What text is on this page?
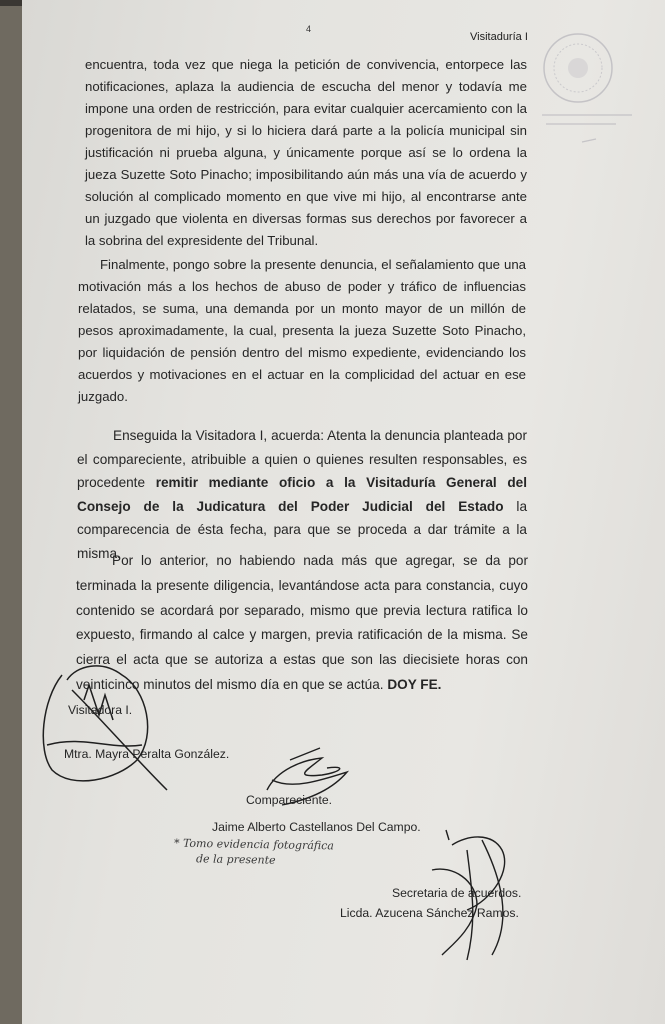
4
Visitaduría I

encuentra, toda vez que niega la petición de convivencia, entorpece las notificaciones, aplaza la audiencia de escucha del menor y todavía me impone una orden de restricción, para evitar cualquier acercamiento con la progenitora de mi hijo, y si lo hiciera dará parte a la policía municipal sin justificación ni prueba alguna, y únicamente porque así se lo ordena la jueza Suzette Soto Pinacho; imposibilitando aún más una vía de acuerdo y solución al complicado momento en que vive mi hijo, al encontrarse ante un juzgado que violenta en diversas formas sus derechos por favorecer a la sobrina del expresidente del Tribunal.

Finalmente, pongo sobre la presente denuncia, el señalamiento que una motivación más a los hechos de abuso de poder y tráfico de influencias relatados, se suma, una demanda por un monto mayor de un millón de pesos aproximadamente, la cual, presenta la jueza Suzette Soto Pinacho, por liquidación de pensión dentro del mismo expediente, evidenciando los acuerdos y motivaciones en el actuar en la complicidad del actuar en ese juzgado.

Enseguida la Visitadora I, acuerda: Atenta la denuncia planteada por el compareciente, atribuible a quien o quienes resulten responsables, es procedente remitir mediante oficio a la Visitaduría General del Consejo de la Judicatura del Poder Judicial del Estado la comparecencia de ésta fecha, para que se proceda a dar trámite a la misma.

Por lo anterior, no habiendo nada más que agregar, se da por terminada la presente diligencia, levantándose acta para constancia, cuyo contenido se acordará por separado, mismo que previa lectura ratifica lo expuesto, firmando al calce y margen, previa ratificación de la misma. Se cierra el acta que se autoriza a estas que son las diecisiete horas con veinticinco minutos del mismo día en que se actúa. DOY FE.

Visitadora I.
Mtra. Mayra Peralta González.
Compareciente.
Jaime Alberto Castellanos Del Campo.
Secretaria de acuerdos.
Licda. Azucena Sánchez Ramos.
* Tomo evidencia fotográfica
de la presente
